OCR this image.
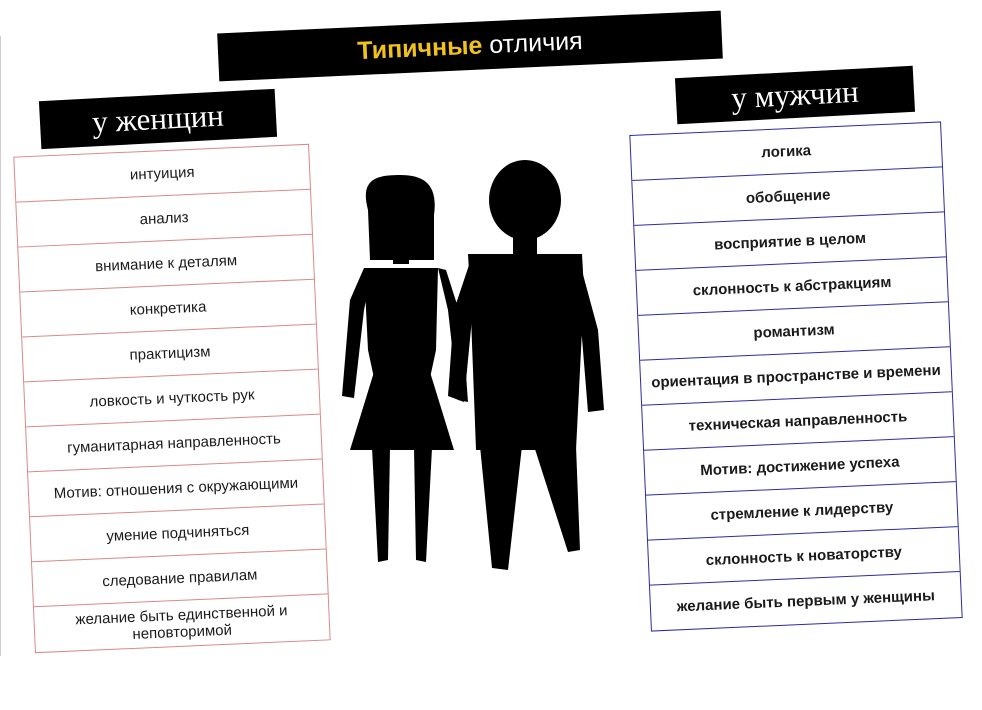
Типичные отличия
у женщин
у мужчин
интуиция
анализ
внимание к деталям
конкретика
практицизм
ловкость и чуткость рук
гуманитарная направленность
Мотив: отношения с окружающими
умение подчиняться
следование правилам
желание быть единственной и неповторимой
логика
обобщение
восприятие в целом
склонность к абстракциям
романтизм
ориентация в пространстве и времени
техническая направленность
Мотив: достижение успеха
стремление к лидерству
склонность к новаторству
желание быть первым у женщины
